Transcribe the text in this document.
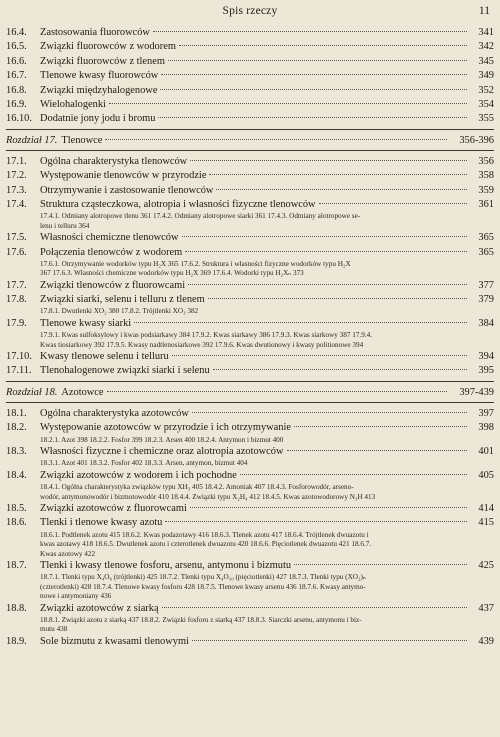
Spis rzeczy	11
16.4.	Zastosowania fluorowców	341
16.5.	Związki fluorowców z wodorem	342
16.6.	Związki fluorowców z tlenem	345
16.7.	Tlenowe kwasy fluorowców	349
16.8.	Związki międzyhalogenowe	352
16.9.	Wielohalogenki	354
16.10. Dodatnie jony jodu i bromu	355
Rozdział 17. Tlenowce	356-396
17.1.	Ogólna charakterystyka tlenowców	356
17.2.	Występowanie tlenowców w przyrodzie	358
17.3.	Otrzymywanie i zastosowanie tlenowców	359
17.4.	Struktura cząsteczkowa, alotropia i własności fizyczne tlenowców	361

17.4.1. Odmiany alotropowe tlenu 361 17.4.2. Odmiany alotropowe siarki 361 17.4.3. Odmiany alotropowe se-

lenu i telluru 364

17.5.	Własności chemiczne tlenowców	365
17.6.	Połączenia tlenowców z wodorem	365

17.6.1. Otrzymywanie wodorków typu H₂X 365 17.6.2. Struktura i własności fizyczne wodorków typu H₂X

367 17.6.3. Własności chemiczne wodorków typu H₂X 369 17.6.4. Wodorki typu H₂Xₙ 373

17.7.	Związki tlenowców z fluorowcami	377
17.8.	Związki siarki, selenu i telluru z tlenem	379

17.8.1. Dwutlenki XO₂ 380 17.8.2. Trójtlenki XO₃ 382

17.9.	Tlenowe kwasy siarki	384

17.9.1. Kwas sulfoksylowy i kwas podsiarkawy 384 17.9.2. Kwas siarkawy 386 17.9.3. Kwas siarkowy 387 17.9.4.

Kwas tiosiarkowy 392 17.9.5. Kwasy nadtlenosiarkowe 392 17.9.6. Kwas dwutionowy i kwasy politionowe 394

17.10. Kwasy tlenowe selenu i telluru	394
17.11. Tlenohalogenowe związki siarki i selenu	395
Rozdział 18. Azotowce	397-439
18.1.	Ogólna charakterystyka azotowców	397
18.2.	Występowanie azotowców w przyrodzie i ich otrzymywanie	398

18.2.1. Azot 398 18.2.2. Fosfor 399 18.2.3. Arsen 400 18.2.4. Antymon i bizmut 400

18.3.	Własności fizyczne i chemiczne oraz alotropia azotowców	401

18.3.1. Azot 401 18.3.2. Fosfor 402 18.3.3. Arsen, antymon, bizmut 404

18.4.	Związki azotowców z wodorem i ich pochodne	405

18.4.1. Ogólna charakterystyka związków typu XH₃ 405 18.4.2. Amoniak 407 18.4.3. Fosforowodór, arseno-

wodór, antymonowodór i bizmutowodór 410 18.4.4. Związki typu X₂H₄ 412 18.4.5. Kwas azotowodorowy N₃H 413

18.5.	Związki azotowców z fluorowcami	414
18.6.	Tlenki i tlenowe kwasy azotu	415

18.6.1. Podtlenek azotu 415 18.6.2. Kwas podazotawy 416 18.6.3. Tlenek azotu 417 18.6.4. Trójtlenek dwuazotu i

kwas azotawy 418 18.6.5. Dwutlenek azotu i czterotlenek dwuazotu 420 18.6.6. Pięciotlenek dwuazotu 421 18.6.7.

Kwas azotowy 422

18.7.	Tlenki i kwasy tlenowe fosforu, arsenu, antymonu i bizmutu	425

18.7.1. Tlenki typu X₄O₆ (trójtlenki) 425 18.7.2. Tlenki typu X₄O₁₀ (pięciotlenki) 427 18.7.3. Tlenki typu (XO₂)ₙ

(czterotlenki) 428 18.7.4. Tlenowe kwasy fosforu 428 18.7.5. Tlenowe kwasy arsenu 436 18.7.6. Kwasy antymo-

nowe i antymoniany 436

18.8.	Związki azotowców z siarką	437

18.8.1. Związki azotu z siarką 437 18.8.2. Związki fosforu z siarką 437 18.8.3. Siarczki arsenu, antymonu i biz-

mutu 438

18.9.	Sole bizmutu z kwasami tlenowymi	439
